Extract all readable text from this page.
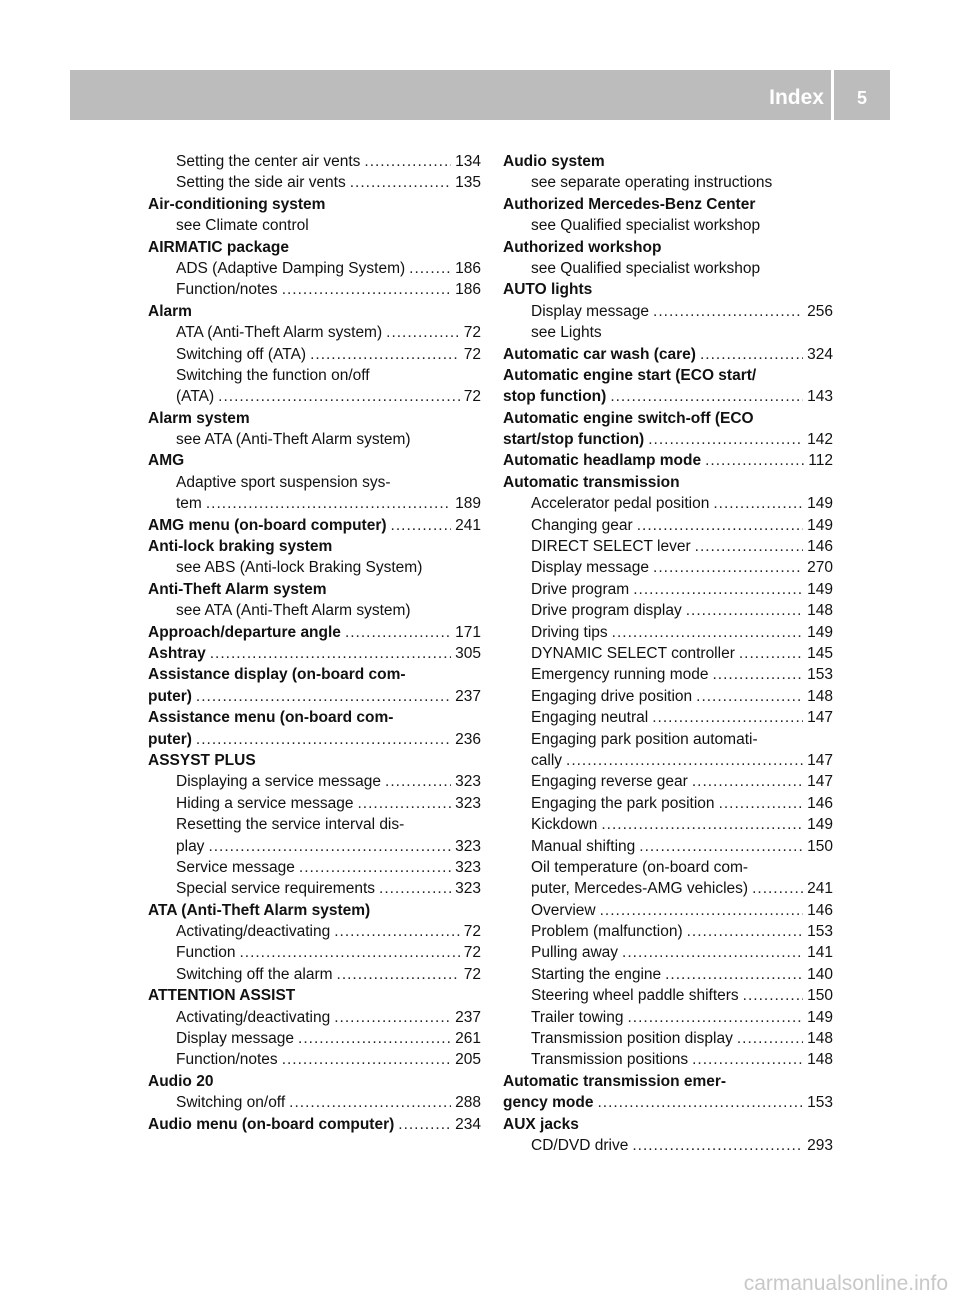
Index	5
Setting the center air vents .....	134
Setting the side air vents .....	135
Air-conditioning system
see Climate control
AIRMATIC package
ADS (Adaptive Damping System) .....	186
Function/notes .....	186
Alarm
ATA (Anti-Theft Alarm system) .....	72
Switching off (ATA) .....	72
Switching the function on/off
(ATA) .....	72
Alarm system
see ATA (Anti-Theft Alarm system)
AMG
Adaptive sport suspension sys-
tem .....	189
AMG menu (on-board computer) .....	241
Anti-lock braking system
see ABS (Anti-lock Braking System)
Anti-Theft Alarm system
see ATA (Anti-Theft Alarm system)
Approach/departure angle .....	171
Ashtray .....	305
Assistance display (on-board com-
puter) .....	237
Assistance menu (on-board com-
puter) .....	236
ASSYST PLUS
Displaying a service message .....	323
Hiding a service message .....	323
Resetting the service interval dis-
play .....	323
Service message .....	323
Special service requirements .....	323
ATA (Anti-Theft Alarm system)
Activating/deactivating .....	72
Function .....	72
Switching off the alarm .....	72
ATTENTION ASSIST
Activating/deactivating .....	237
Display message .....	261
Function/notes .....	205
Audio 20
Switching on/off .....	288
Audio menu (on-board computer) .....	234
Audio system
see separate operating instructions
Authorized Mercedes-Benz Center
see Qualified specialist workshop
Authorized workshop
see Qualified specialist workshop
AUTO lights
Display message .....	256
see Lights
Automatic car wash (care) .....	324
Automatic engine start (ECO start/
stop function) .....	143
Automatic engine switch-off (ECO
start/stop function) .....	142
Automatic headlamp mode .....	112
Automatic transmission
Accelerator pedal position .....	149
Changing gear .....	149
DIRECT SELECT lever .....	146
Display message .....	270
Drive program .....	149
Drive program display .....	148
Driving tips .....	149
DYNAMIC SELECT controller .....	145
Emergency running mode .....	153
Engaging drive position .....	148
Engaging neutral .....	147
Engaging park position automati-
cally .....	147
Engaging reverse gear .....	147
Engaging the park position .....	146
Kickdown .....	149
Manual shifting .....	150
Oil temperature (on-board com-
puter, Mercedes-AMG vehicles) .....	241
Overview .....	146
Problem (malfunction) .....	153
Pulling away .....	141
Starting the engine .....	140
Steering wheel paddle shifters .....	150
Trailer towing .....	149
Transmission position display .....	148
Transmission positions .....	148
Automatic transmission emer-
gency mode .....	153
AUX jacks
CD/DVD drive .....	293
carmanualsonline.info
